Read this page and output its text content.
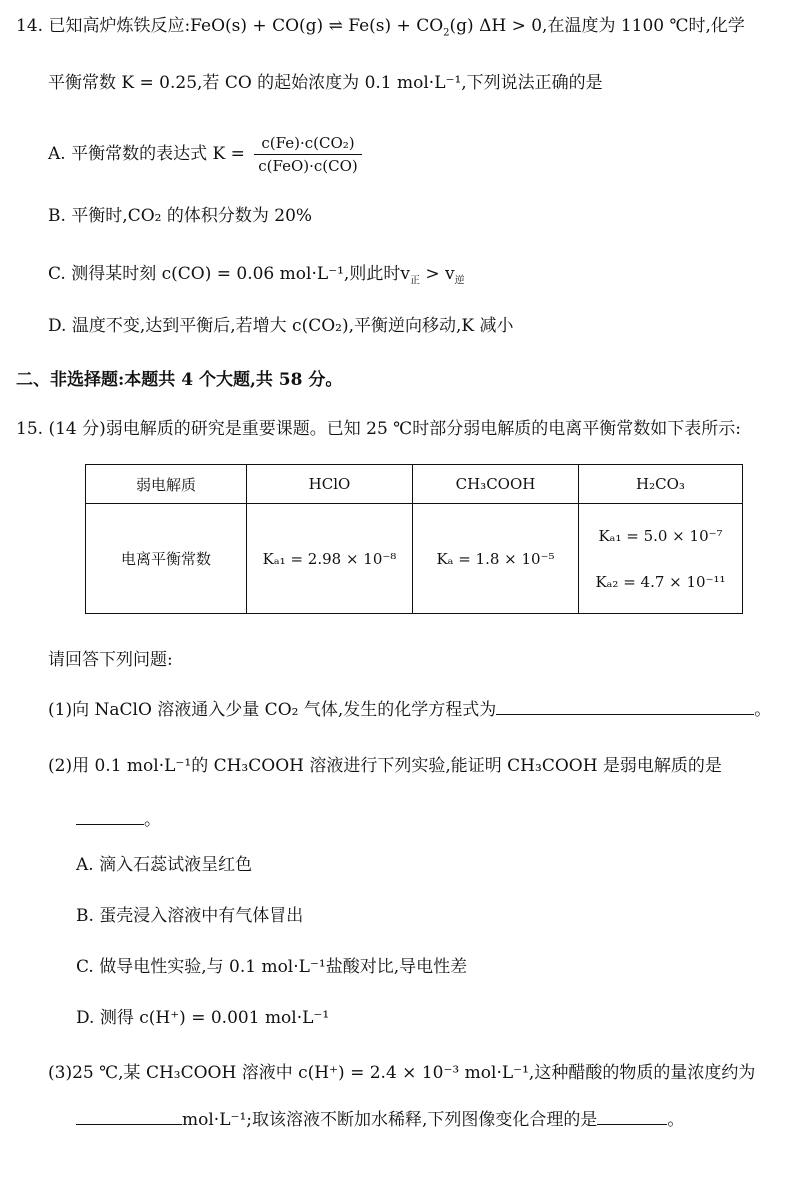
14. 已知高炉炼铁反应:FeO(s) + CO(g) ⇌ $Fe(s) + CO_2(g) \Delta H > 0$,在温度为 1100 ℃时,化学
平衡常数 K = 0.25,若 CO 的起始浓度为 0.1 mol·L⁻¹,下列说法正确的是
A. 平衡常数的表达式 $K = \frac{\text{c(Fe)·c(CO₂)}}{\text{c(FeO)·c(CO)}}$
B. 平衡时,CO₂ 的体积分数为 20%
C. 测得某时刻 c(CO) = 0.06 mol·L⁻¹,则此时$v_正 > v_逆$
D. 温度不变,达到平衡后,若增大 c(CO₂),平衡逆向移动,K 减小
二、非选择题:本题共 4 个大题,共 58 分。
15. (14 分)弱电解质的研究是重要课题。已知 25 ℃时部分弱电解质的电离平衡常数如下表所示:
弱电解质	HClO	CH₃COOH	H₂CO₃
电离平衡常数	Kₐ₁ = 2.98 × 10⁻⁸	Kₐ = 1.8 × 10⁻⁵	Kₐ₁ = 5.0 × 10⁻⁷
Kₐ₂ = 4.7 × 10⁻¹¹
请回答下列问题:
(1)向 NaClO 溶液通入少量 CO₂ 气体,发生的化学方程式为	。
(2)用 0.1 mol·L⁻¹的 CH₃COOH 溶液进行下列实验,能证明 CH₃COOH 是弱电解质的是
。
A. 滴入石蕊试液呈红色
B. 蛋壳浸入溶液中有气体冒出
C. 做导电性实验,与 0.1 mol·L⁻¹盐酸对比,导电性差
D. 测得 c(H⁺) = 0.001 mol·L⁻¹
(3)25 ℃,某 CH₃COOH 溶液中 c(H⁺) = 2.4 × 10⁻³ mol·L⁻¹,这种醋酸的物质的量浓度约为
mol·L⁻¹;取该溶液不断加水稀释,下列图像变化合理的是	。
